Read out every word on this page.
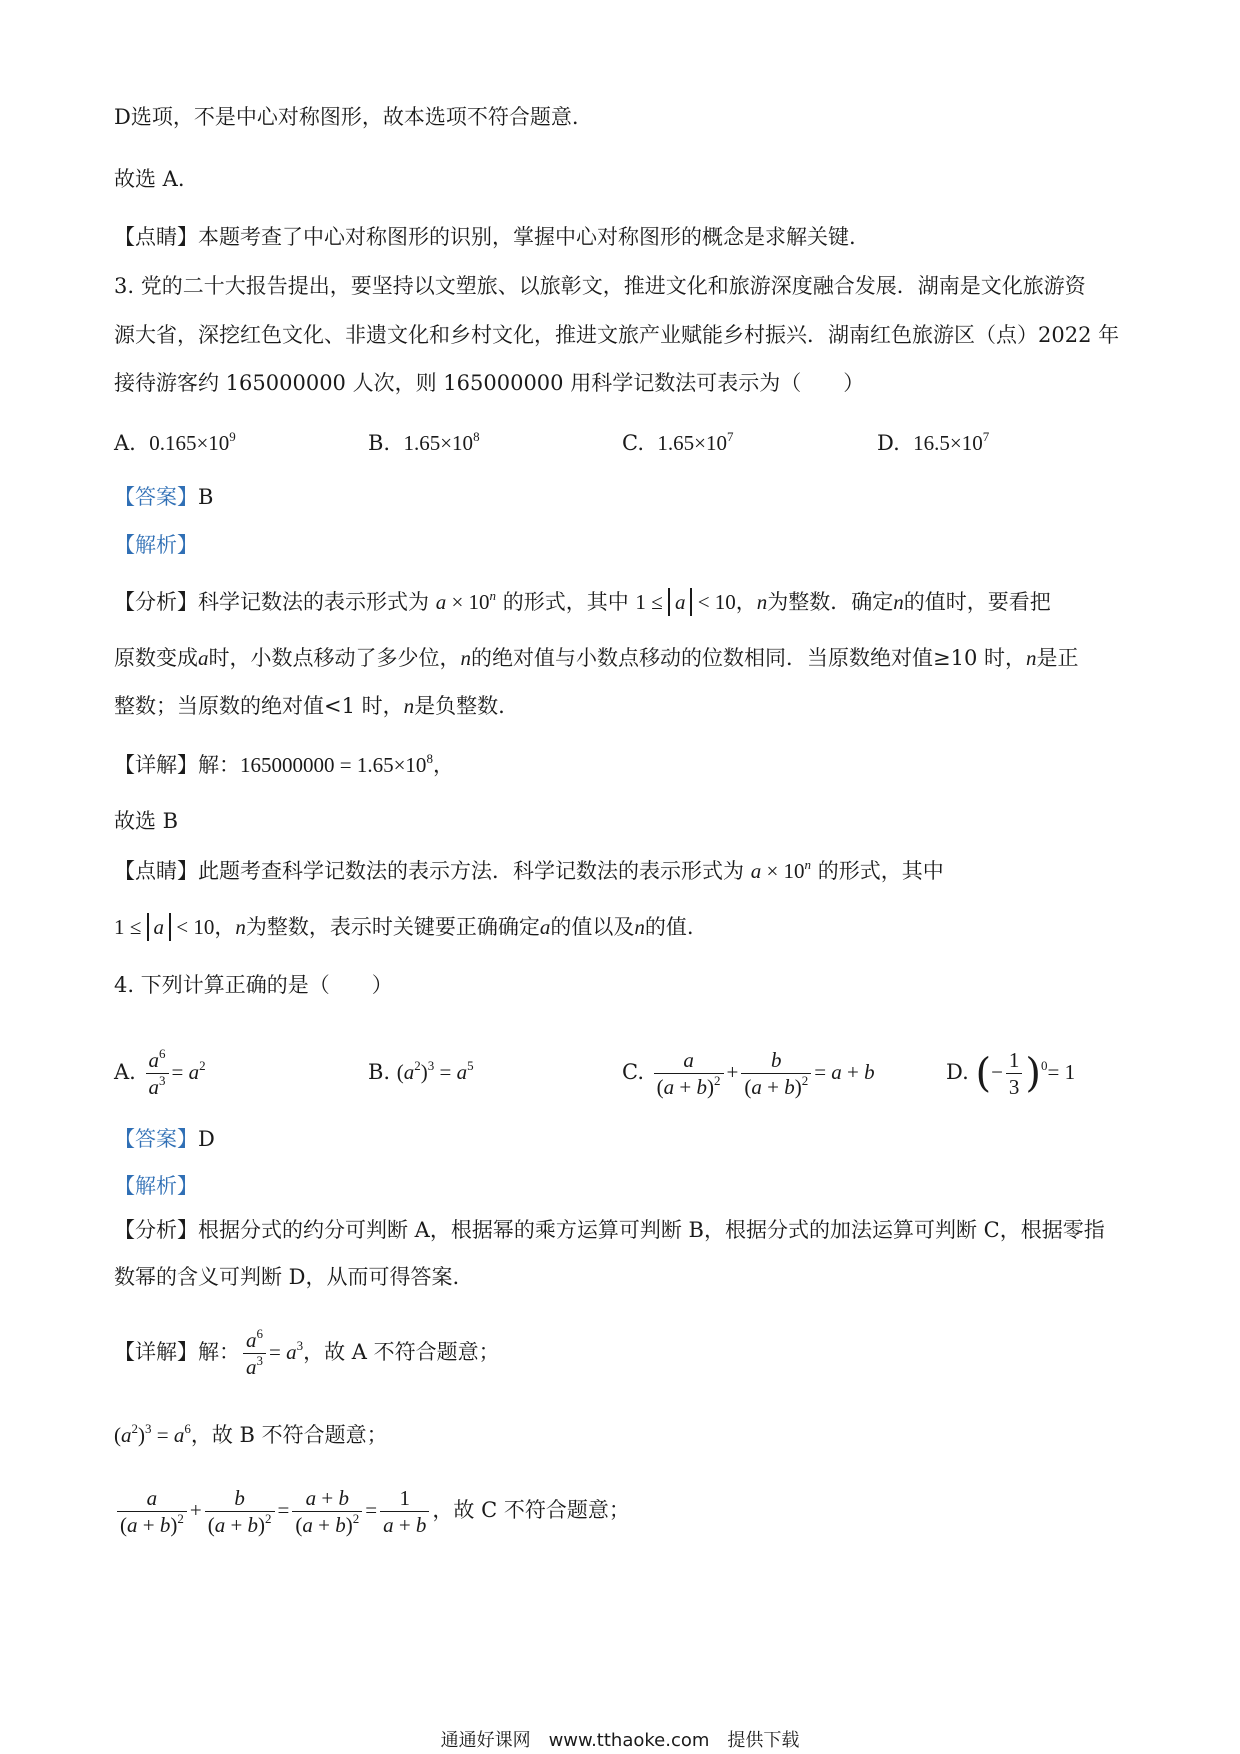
D选项，不是中心对称图形，故本选项不符合题意.
故选 A.
【点睛】本题考查了中心对称图形的识别，掌握中心对称图形的概念是求解关键.
3. 党的二十大报告提出，要坚持以文塑旅、以旅彰文，推进文化和旅游深度融合发展．湖南是文化旅游资
源大省，深挖红色文化、非遗文化和乡村文化，推进文旅产业赋能乡村振兴．湖南红色旅游区（点）2022 年
接待游客约 165000000 人次，则 165000000 用科学记数法可表示为（　　）
A. $0.165\times 10^9$	B. $1.65\times 10^8$	C. $1.65\times 10^7$	D. $16.5\times 10^7$
【答案】B
【解析】
【分析】科学记数法的表示形式为 $a \times 10^n$ 的形式，其中 1 ≤ a < 10，n为整数．确定n的值时，要看把
原数变成a时，小数点移动了多少位，n的绝对值与小数点移动的位数相同．当原数绝对值≥10 时，n是正
整数；当原数的绝对值<1 时，n是负整数.
【详解】解：$165000000 = 1.65\times 10^8$，
故选 B
【点睛】此题考查科学记数法的表示方法．科学记数法的表示形式为 $a \times 10^n$ 的形式，其中
1 ≤ a < 10，n为整数，表示时关键要正确确定a的值以及n的值.
4. 下列计算正确的是（　　）
A. $\frac{a^6}{a^3} = a^2$	B. $(a^2)^3 = a^5$	C. $\frac{a}{(a + b)^2} + \frac{b}{(a + b)^2} = a + b$	D. (− $\frac{1}{3} )^0= 1$
【答案】D
【解析】
【分析】根据分式的约分可判断 A，根据幂的乘方运算可判断 B，根据分式的加法运算可判断 C，根据零指
数幂的含义可判断 D，从而可得答案.
【详解】解： $\frac{a^6}{a^3} = a^3$，故 A 不符合题意；
$(a^2)^3 = a^6$，故 B 不符合题意；
$\frac{a}{(a + b)^2} + \frac{b}{(a + b)^2} = \frac{a + b}{(a + b)^2} = \frac{1}{a + b}$ ，故 C 不符合题意；
通通好课网　www.tthaoke.com　提供下载
